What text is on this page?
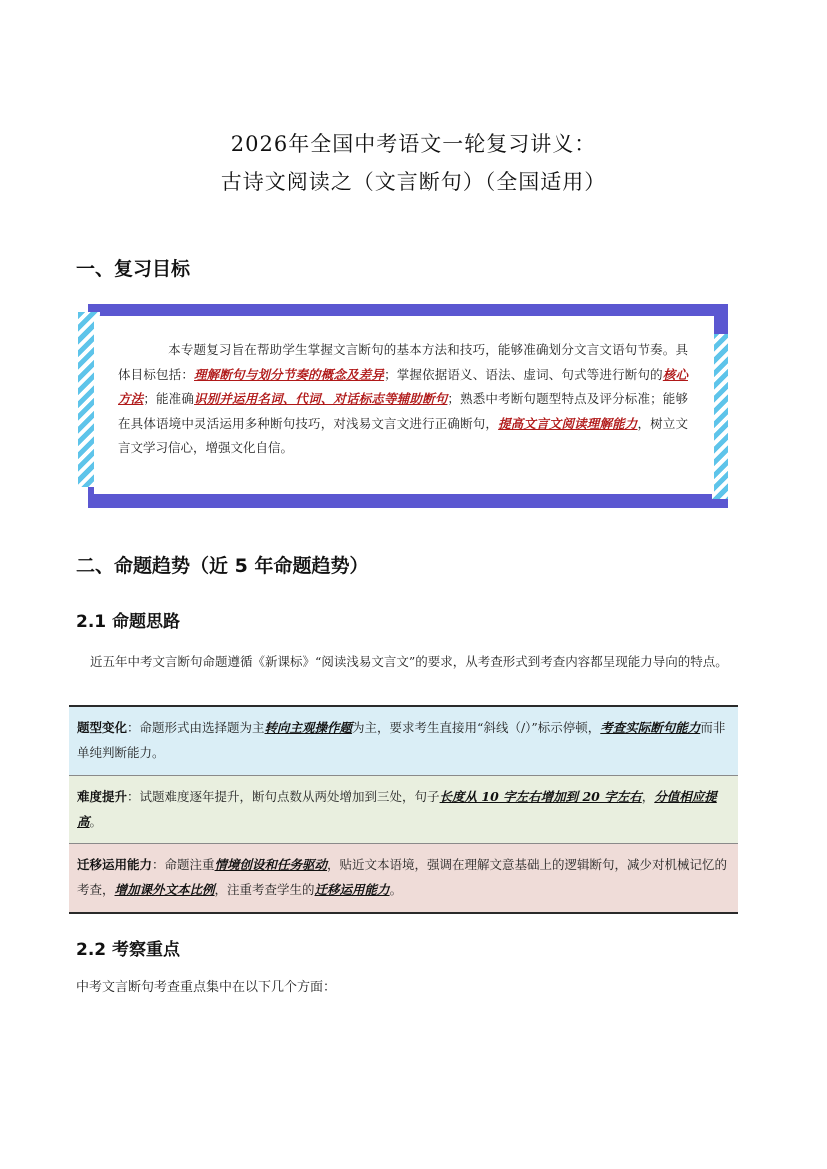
2026年全国中考语文一轮复习讲义：
古诗文阅读之（文言断句）（全国适用）
一、复习目标
本专题复习旨在帮助学生掌握文言断句的基本方法和技巧，能够准确划分文言文语句节奏。具体目标包括：理解断句与划分节奏的概念及差异；掌握依据语义、语法、虚词、句式等进行断句的核心方法；能准确识别并运用名词、代词、对话标志等辅助断句；熟悉中考断句题型特点及评分标准；能够在具体语境中灵活运用多种断句技巧，对浅易文言文进行正确断句，提高文言文阅读理解能力，树立文言文学习信心，增强文化自信。
二、命题趋势（近 5 年命题趋势）
2.1 命题思路
近五年中考文言断句命题遵循《新课标》“阅读浅易文言文”的要求，从考查形式到考查内容都呈现能力导向的特点。
题型变化：命题形式由选择题为主转向主观操作题为主，要求考生直接用“斜线（/）”标示停顿，考查实际断句能力而非单纯判断能力。
难度提升：试题难度逐年提升，断句点数从两处增加到三处，句子长度从 10 字左右增加到 20 字左右，分值相应提高。
迁移运用能力：命题注重情境创设和任务驱动，贴近文本语境，强调在理解文意基础上的逻辑断句，减少对机械记忆的考查，增加课外文本比例，注重考查学生的迁移运用能力。
2.2 考察重点
中考文言断句考查重点集中在以下几个方面：
